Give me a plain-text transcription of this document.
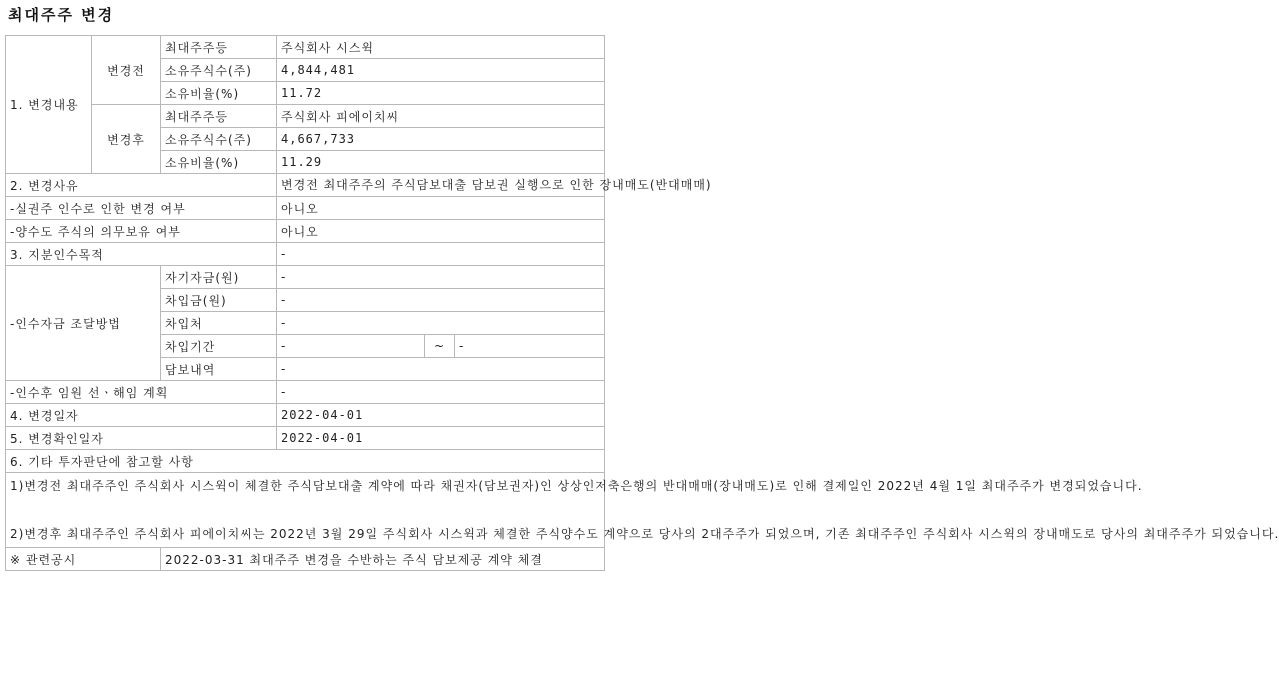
최대주주 변경
1. 변경내용	변경전	최대주주등	주식회사 시스윅		
		소유주식수(주)	4,844,481		
		소유비율(%)	11.72		
	변경후	최대주주등	주식회사 피에이치씨		
		소유주식수(주)	4,667,733		
		소유비율(%)	11.29		
2. 변경사유			변경전 최대주주의 주식담보대출 담보권 실행으로 인한 장내매도(반대매매)		
-실권주 인수로 인한 변경 여부			아니오		
-양수도 주식의 의무보유 여부			아니오		
3. 지분인수목적			-		
-인수자금 조달방법		자기자금(원)	-		
		차입금(원)	-		
		차입처	-		
		차입기간	-	~	-
		담보내역	-		
-인수후 임원 선ㆍ해임 계획			-		
4. 변경일자			2022-04-01		
5. 변경확인일자			2022-04-01		
6. 기타 투자판단에 참고할 사항					

1)변경전 최대주주인 주식회사 시스윅이 체결한 주식담보대출 계약에 따라 채권자(담보권자)인 상상인저축은행의 반대매매(장내매도)로 인해 결제일인 2022년 4월 1일 최대주주가 변경되었습니다.
2)변경후 최대주주인 주식회사 피에이치씨는 2022년 3월 29일 주식회사 시스윅과 체결한 주식양수도 계약으로 당사의 2대주주가 되었으며, 기존 최대주주인 주식회사 시스윅의 장내매도로 당사의 최대주주가 되었습니다.					

※ 관련공시		2022-03-31 최대주주 변경을 수반하는 주식 담보제공 계약 체결			
